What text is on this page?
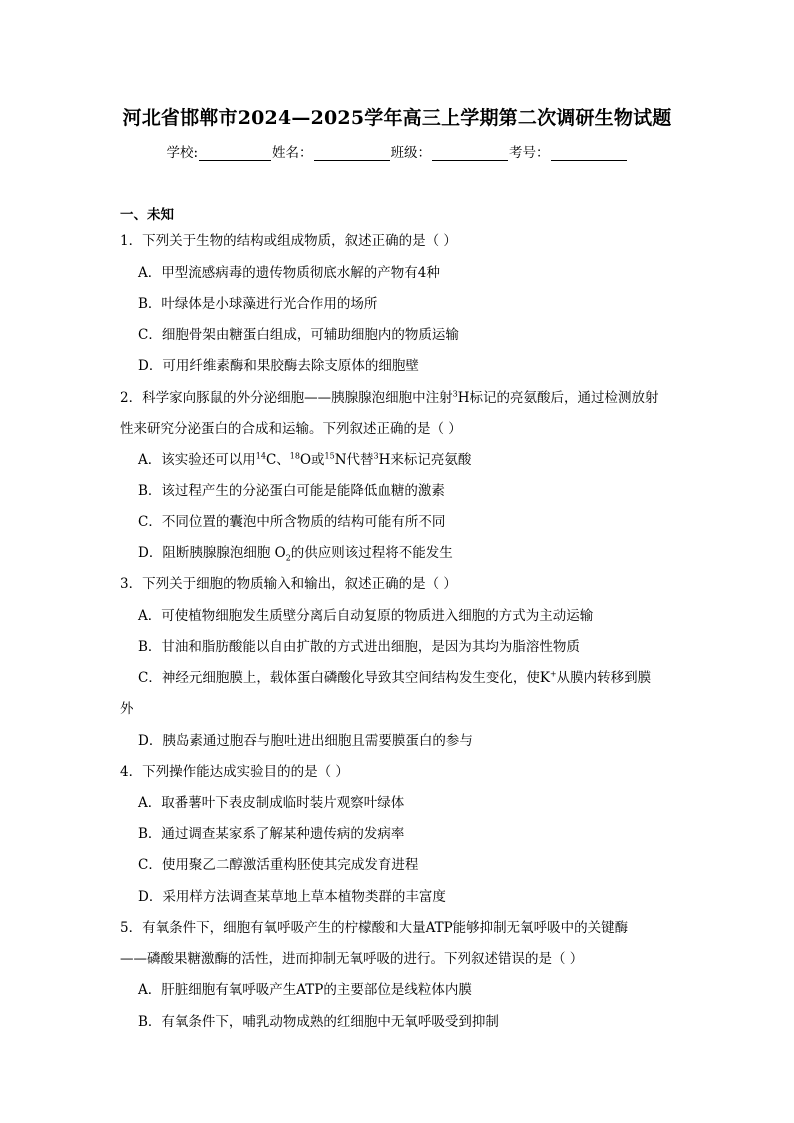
河北省邯郸市2024—2025学年高三上学期第二次调研生物试题
学校:	姓名：	班级：	考号：
一、未知
1．下列关于生物的结构或组成物质，叙述正确的是（ ）
A．甲型流感病毒的遗传物质彻底水解的产物有4种
B．叶绿体是小球藻进行光合作用的场所
C．细胞骨架由糖蛋白组成，可辅助细胞内的物质运输
D．可用纤维素酶和果胶酶去除支原体的细胞壁
2．科学家向豚鼠的外分泌细胞——胰腺腺泡细胞中注射$^3$H标记的亮氨酸后，通过检测放射
性来研究分泌蛋白的合成和运输。下列叙述正确的是（ ）
A．该实验还可以用$^{14}$C、$^{18}$O或$^{15}$N代替$^3$H来标记亮氨酸
B．该过程产生的分泌蛋白可能是能降低血糖的激素
C．不同位置的囊泡中所含物质的结构可能有所不同
D．阻断胰腺腺泡细胞 $O_2$的供应则该过程将不能发生
3．下列关于细胞的物质输入和输出，叙述正确的是（ ）
A．可使植物细胞发生质壁分离后自动复原的物质进入细胞的方式为主动运输
B．甘油和脂肪酸能以自由扩散的方式进出细胞，是因为其均为脂溶性物质
C．神经元细胞膜上，载体蛋白磷酸化导致其空间结构发生变化，使K+从膜内转移到膜
外
D．胰岛素通过胞吞与胞吐进出细胞且需要膜蛋白的参与
4．下列操作能达成实验目的的是（ ）
A．取番薯叶下表皮制成临时装片观察叶绿体
B．通过调查某家系了解某种遗传病的发病率
C．使用聚乙二醇激活重构胚使其完成发育进程
D．采用样方法调查某草地上草本植物类群的丰富度
5．有氧条件下，细胞有氧呼吸产生的柠檬酸和大量ATP能够抑制无氧呼吸中的关键酶
——磷酸果糖激酶的活性，进而抑制无氧呼吸的进行。下列叙述错误的是（ ）
A．肝脏细胞有氧呼吸产生ATP的主要部位是线粒体内膜
B．有氧条件下，哺乳动物成熟的红细胞中无氧呼吸受到抑制
